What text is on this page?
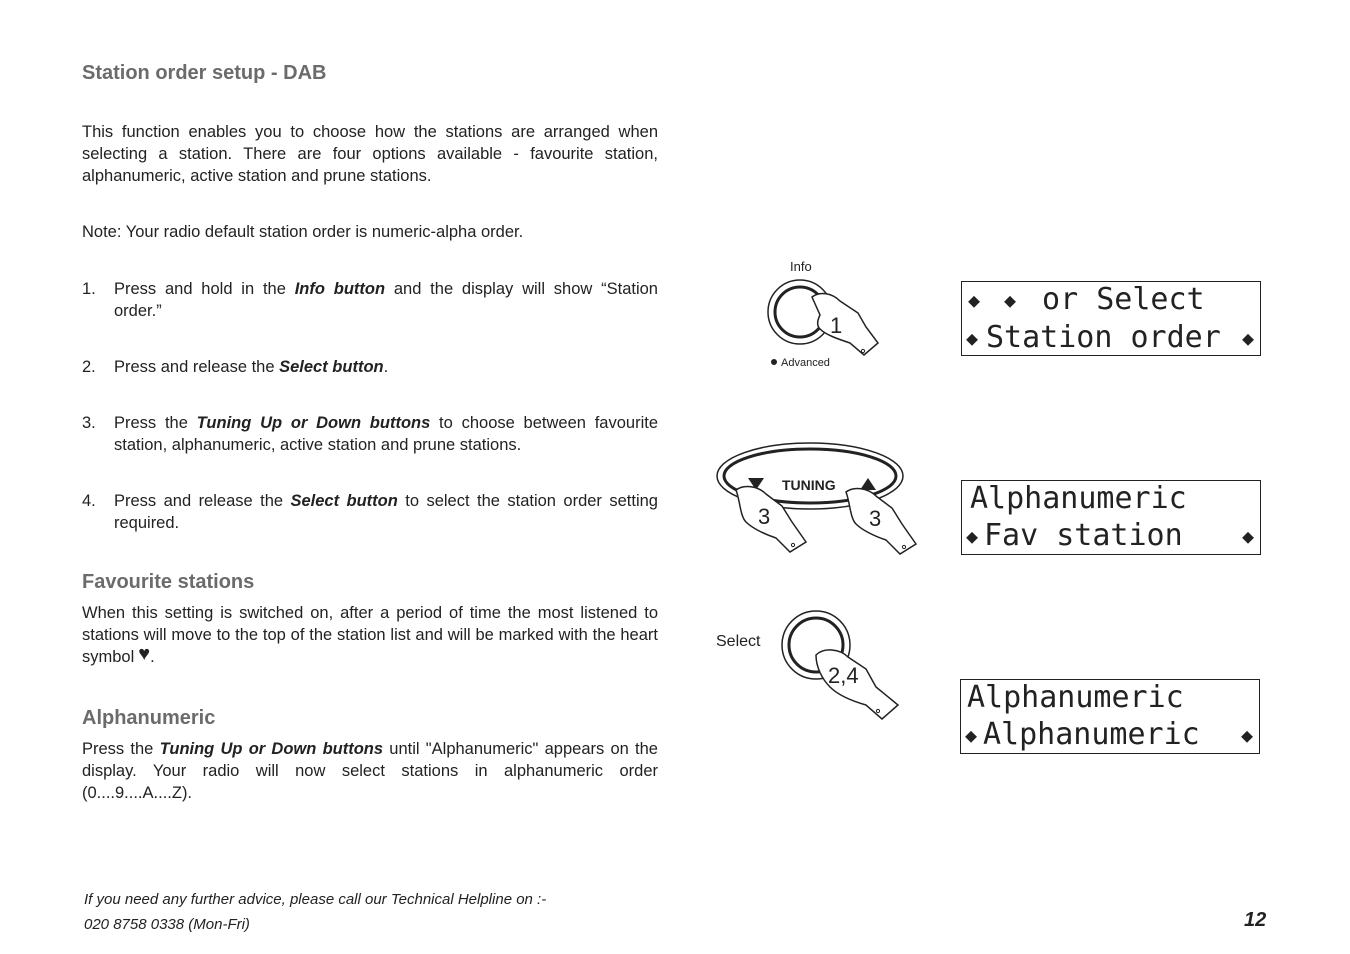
Station order setup - DAB
This function enables you to choose how the stations are arranged when selecting a station. There are four options available - favourite station, alphanumeric, active station and prune stations.
Note: Your radio default station order is numeric-alpha order.
1. Press and hold in the Info button and the display will show “Station order.”
2. Press and release the Select button.
3. Press the Tuning Up or Down buttons to choose between favourite station, alphanumeric, active station and prune stations.
4. Press and release the Select button to select the station order setting required.
Favourite stations
When this setting is switched on, after a period of time the most listened to stations will move to the top of the station list and will be marked with the heart symbol ♥.
Alphanumeric
Press the Tuning Up or Down buttons until "Alphanumeric" appears on the display. Your radio will now select stations in alphanumeric order (0....9....A....Z).
If you need any further advice, please call our Technical Helpline on :-
020 8758 0338 (Mon-Fri)	12
Info
1
Advanced
TUNING
3	3
Select
2,4
◆ ◆ or Select
◆ Station order	◆
Alphanumeric
◆ Fav station	◆
Alphanumeric
◆ Alphanumeric	◆
